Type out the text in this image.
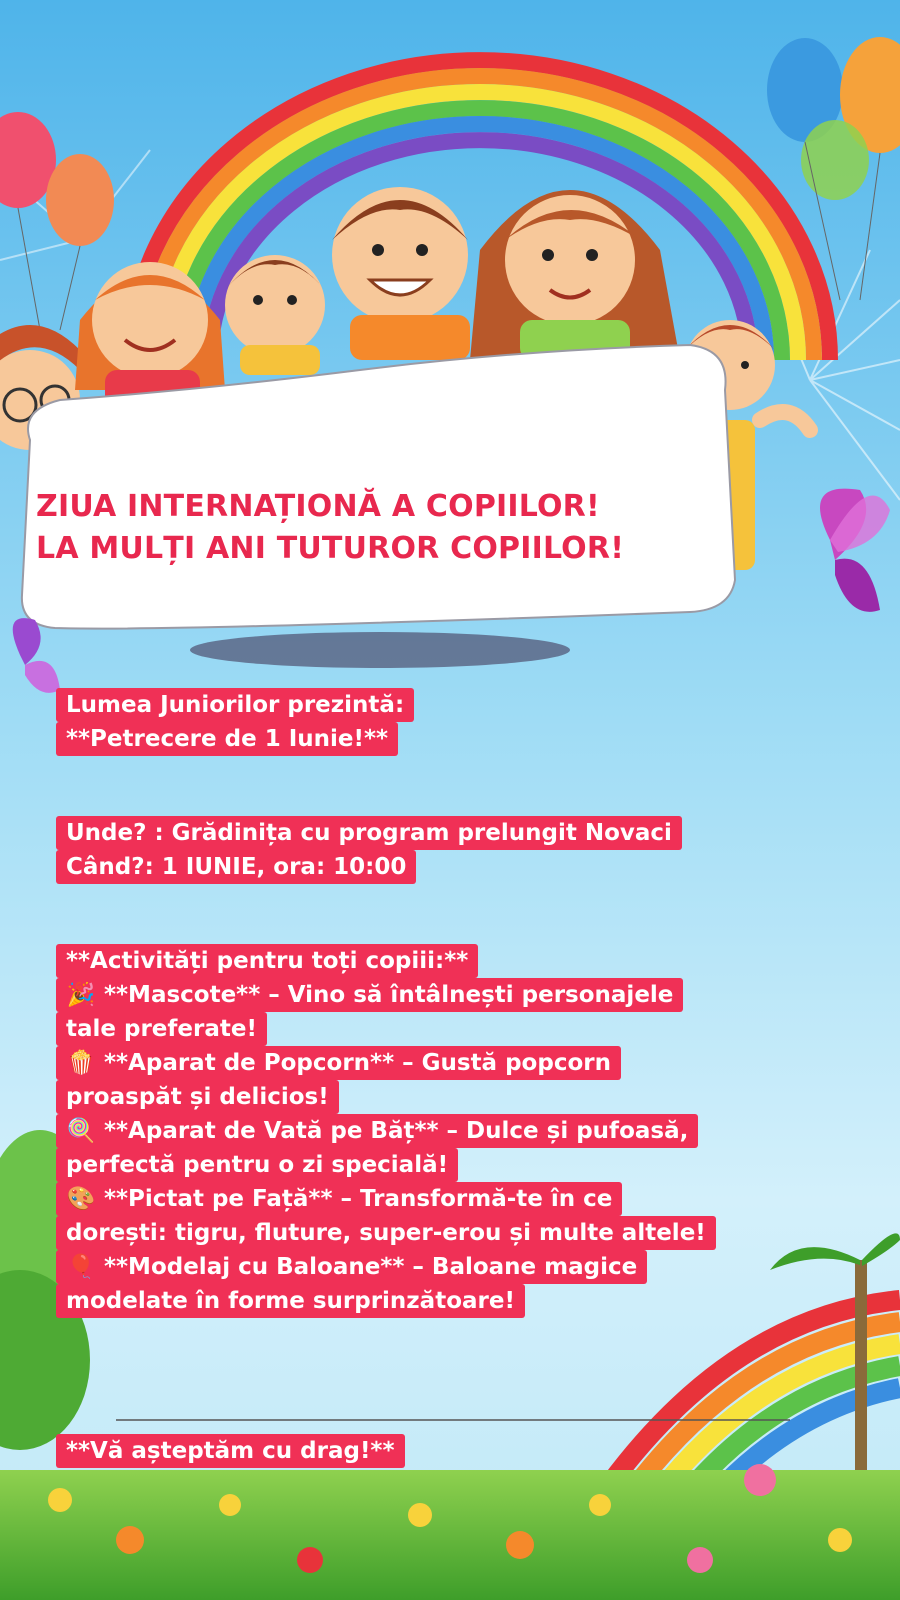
ZIUA INTERNAȚIONĂ A COPIILOR!
LA MULȚI ANI TUTUROR COPIILOR!
Lumea Juniorilor prezintă:
**Petrecere de 1 Iunie!**
Unde? : Grădinița cu program prelungit Novaci
Când?: 1 IUNIE, ora: 10:00
**Activități pentru toți copiii:**
🎉 **Mascote** – Vino să întâlnești personajele
tale preferate!
🍿 **Aparat de Popcorn** – Gustă popcorn
proaspăt și delicios!
🍭 **Aparat de Vată pe Băț** – Dulce și pufoasă,
perfectă pentru o zi specială!
🎨 **Pictat pe Față** – Transformă-te în ce
dorești: tigru, fluture, super-erou și multe altele!
🎈 **Modelaj cu Baloane** – Baloane magice
modelate în forme surprinzătoare!
**Vă așteptăm cu drag!**
